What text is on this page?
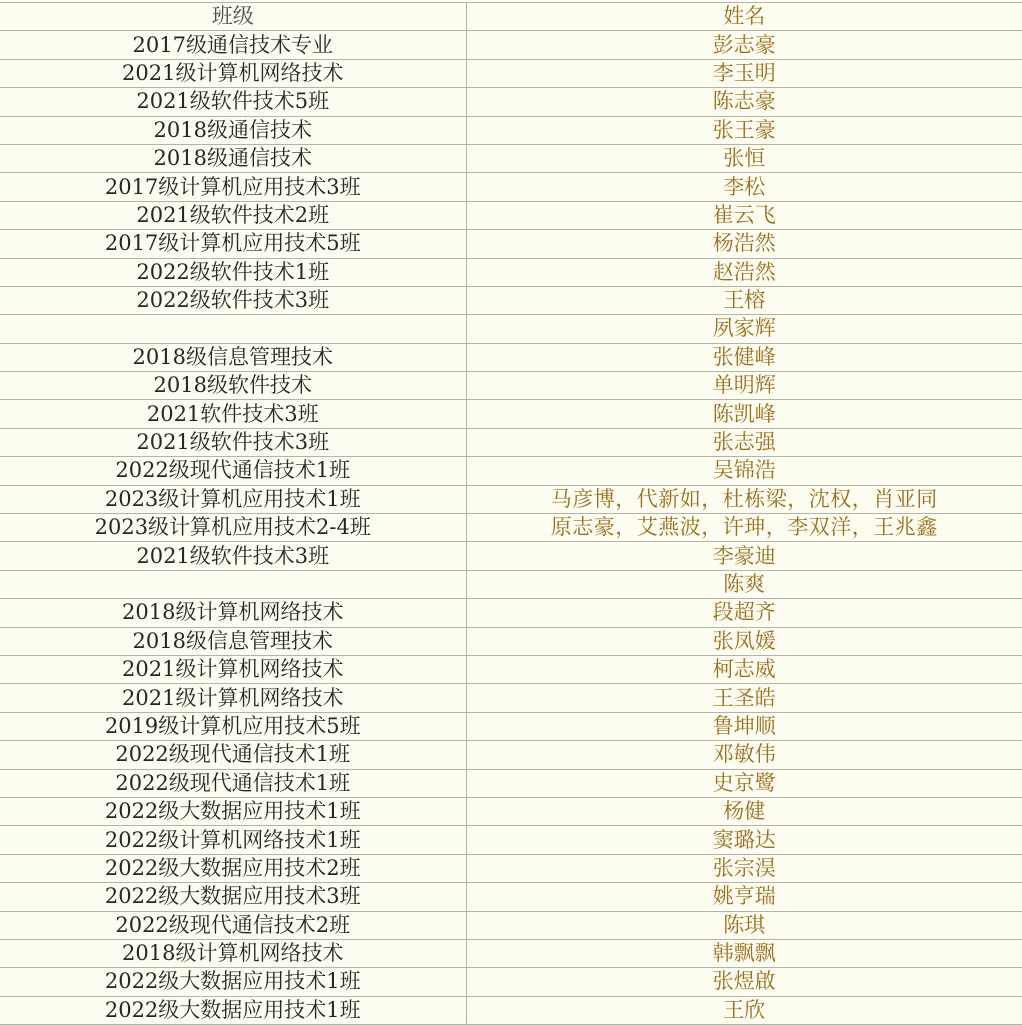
班级	姓名
2017级通信技术专业	彭志豪
2021级计算机网络技术	李玉明
2021级软件技术5班	陈志豪
2018级通信技术	张王豪
2018级通信技术	张恒
2017级计算机应用技术3班	李松
2021级软件技术2班	崔云飞
2017级计算机应用技术5班	杨浩然
2022级软件技术1班	赵浩然
2022级软件技术3班	王榕
	夙家辉
2018级信息管理技术	张健峰
2018级软件技术	单明辉
2021软件技术3班	陈凯峰
2021级软件技术3班	张志强
2022级现代通信技术1班	吴锦浩
2023级计算机应用技术1班	马彦博，代新如，杜栋梁，沈权，肖亚同
2023级计算机应用技术2-4班	原志豪，艾燕波，许珅，李双洋，王兆鑫
2021级软件技术3班	李豪迪
	陈爽
2018级计算机网络技术	段超齐
2018级信息管理技术	张凤媛
2021级计算机网络技术	柯志威
2021级计算机网络技术	王圣皓
2019级计算机应用技术5班	鲁坤顺
2022级现代通信技术1班	邓敏伟
2022级现代通信技术1班	史京鹭
2022级大数据应用技术1班	杨健
2022级计算机网络技术1班	窦璐达
2022级大数据应用技术2班	张宗淏
2022级大数据应用技术3班	姚亨瑞
2022级现代通信技术2班	陈琪
2018级计算机网络技术	韩飘飘
2022级大数据应用技术1班	张煜啟
2022级大数据应用技术1班	王欣
